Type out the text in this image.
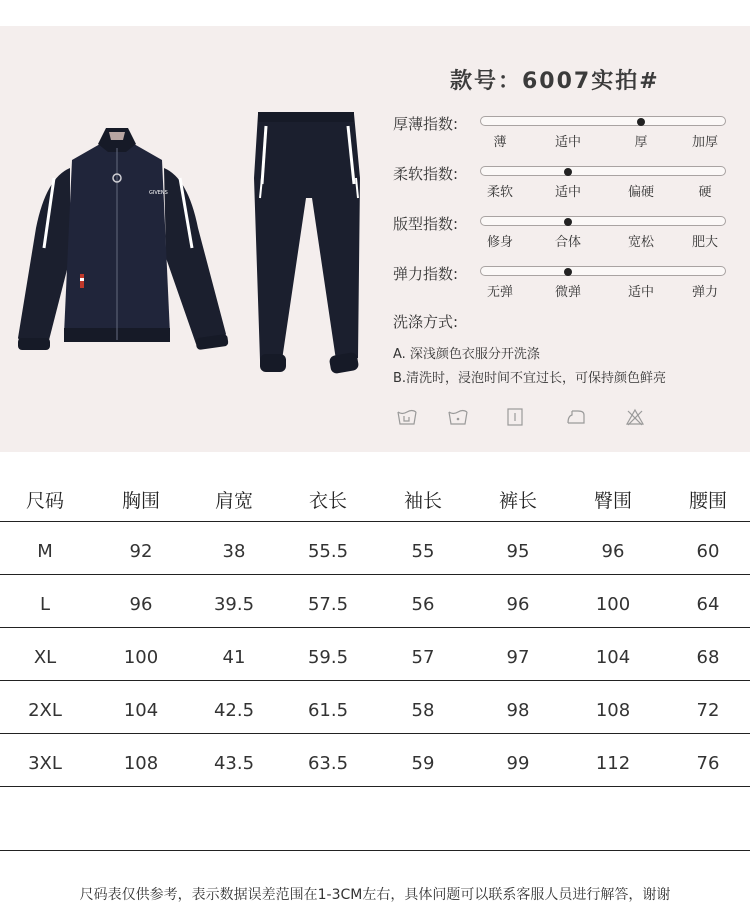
GIVENS
款号：6007实拍#
厚薄指数:
薄	适中	厚	加厚
柔软指数:
柔软	适中	偏硬	硬
版型指数:
修身	合体	宽松	肥大
弹力指数:
无弹	微弹	适中	弹力
洗涤方式:
A. 深浅颜色衣服分开洗涤
B.清洗时，浸泡时间不宜过长，可保持颜色鲜亮
尺码	胸围	肩宽	衣长	袖长	裤长	臀围	腰围
M	92	38	55.5	55	95	96	60
L	96	39.5	57.5	56	96	100	64
XL	100	41	59.5	57	97	104	68
2XL	104	42.5	61.5	58	98	108	72
3XL	108	43.5	63.5	59	99	112	76
尺码表仅供参考，表示数据误差范围在1-3CM左右，具体问题可以联系客服人员进行解答，谢谢
